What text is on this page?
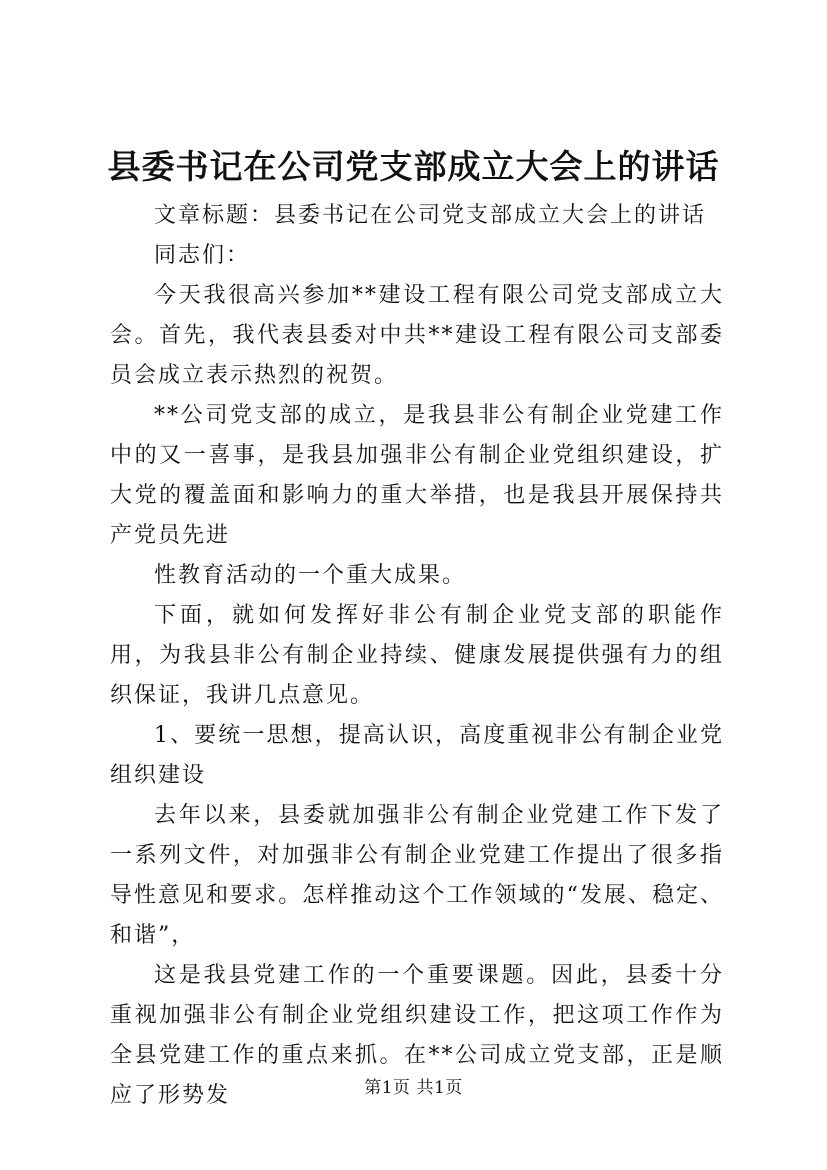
县委书记在公司党支部成立大会上的讲话

文章标题：县委书记在公司党支部成立大会上的讲话

同志们：

今天我很高兴参加**建设工程有限公司党支部成立大会。首先，我代表县委对中共**建设工程有限公司支部委员会成立表示热烈的祝贺。

**公司党支部的成立，是我县非公有制企业党建工作中的又一喜事，是我县加强非公有制企业党组织建设，扩大党的覆盖面和影响力的重大举措，也是我县开展保持共产党员先进

性教育活动的一个重大成果。

下面，就如何发挥好非公有制企业党支部的职能作用，为我县非公有制企业持续、健康发展提供强有力的组织保证，我讲几点意见。

1、要统一思想，提高认识，高度重视非公有制企业党组织建设

去年以来，县委就加强非公有制企业党建工作下发了一系列文件，对加强非公有制企业党建工作提出了很多指导性意见和要求。怎样推动这个工作领域的“发展、稳定、和谐”，

这是我县党建工作的一个重要课题。因此，县委十分重视加强非公有制企业党组织建设工作，把这项工作作为全县党建工作的重点来抓。在**公司成立党支部，正是顺应了形势发	第1页 共1页
